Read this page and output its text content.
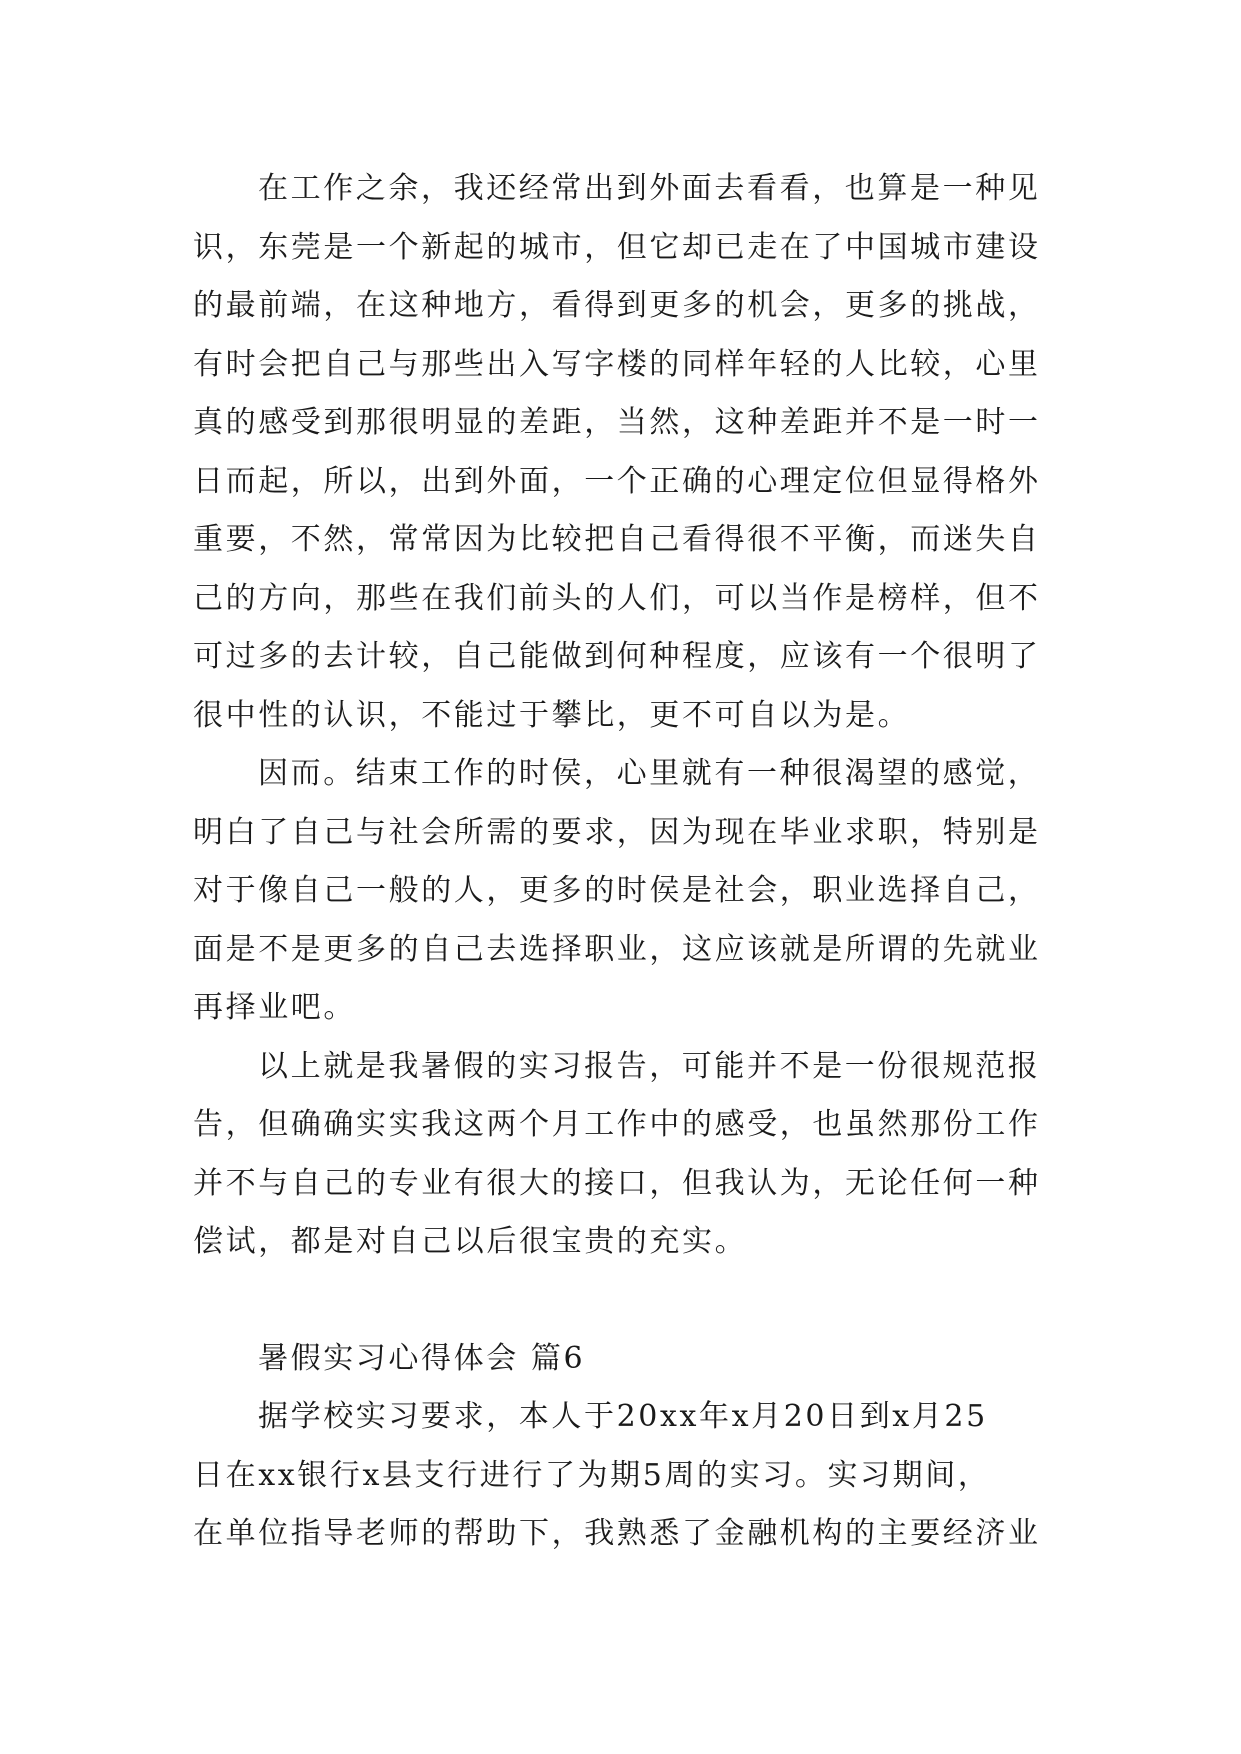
在工作之余，我还经常出到外面去看看，也算是一种见
识，东莞是一个新起的城市，但它却已走在了中国城市建设
的最前端，在这种地方，看得到更多的机会，更多的挑战，
有时会把自己与那些出入写字楼的同样年轻的人比较，心里
真的感受到那很明显的差距，当然，这种差距并不是一时一
日而起，所以，出到外面，一个正确的心理定位但显得格外
重要，不然，常常因为比较把自己看得很不平衡，而迷失自
己的方向，那些在我们前头的人们，可以当作是榜样，但不
可过多的去计较，自己能做到何种程度，应该有一个很明了
很中性的认识，不能过于攀比，更不可自以为是。
因而。结束工作的时侯，心里就有一种很渴望的感觉，
明白了自己与社会所需的要求，因为现在毕业求职，特别是
对于像自己一般的人，更多的时侯是社会，职业选择自己，
面是不是更多的自己去选择职业，这应该就是所谓的先就业
再择业吧。
以上就是我暑假的实习报告，可能并不是一份很规范报
告，但确确实实我这两个月工作中的感受，也虽然那份工作
并不与自己的专业有很大的接口，但我认为，无论任何一种
偿试，都是对自己以后很宝贵的充实。
暑假实习心得体会 篇6
据学校实习要求，本人于20xx年x月20日到x月25
日在xx银行x县支行进行了为期5周的实习。实习期间，
在单位指导老师的帮助下，我熟悉了金融机构的主要经济业
